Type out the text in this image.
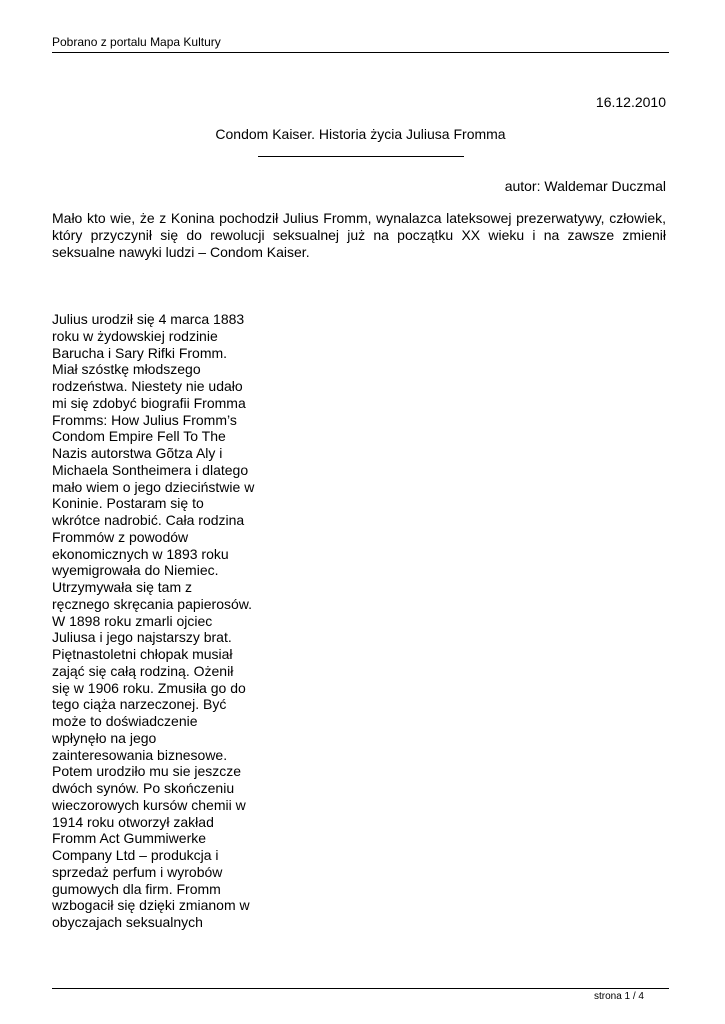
Pobrano z portalu Mapa Kultury
16.12.2010
Condom Kaiser. Historia życia Juliusa Fromma
autor: Waldemar Duczmal

Mało kto wie, że z Konina pochodził Julius Fromm, wynalazca lateksowej prezerwatywy, człowiek, który przyczynił się do rewolucji seksualnej już na początku XX wieku i na zawsze zmienił seksualne nawyki ludzi – Condom Kaiser.

Julius urodził się 4 marca 1883
roku w żydowskiej rodzinie
Barucha i Sary Rifki Fromm.
Miał szóstkę młodszego
rodzeństwa. Niestety nie udało
mi się zdobyć biografii Fromma
Fromms: How Julius Fromm’s
Condom Empire Fell To The
Nazis autorstwa Gõtza Aly i
Michaela Sontheimera i dlatego
mało wiem o jego dzieciństwie w
Koninie. Postaram się to
wkrótce nadrobić. Cała rodzina
Frommów z powodów
ekonomicznych w 1893 roku
wyemigrowała do Niemiec.
Utrzymywała się tam z
ręcznego skręcania papierosów.
W 1898 roku zmarli ojciec
Juliusa i jego najstarszy brat.
Piętnastoletni chłopak musiał
zająć się całą rodziną. Ożenił
się w 1906 roku. Zmusiła go do
tego ciąża narzeczonej. Być
może to doświadczenie
wpłynęło na jego
zainteresowania biznesowe.
Potem urodziło mu sie jeszcze
dwóch synów. Po skończeniu
wieczorowych kursów chemii w
1914 roku otworzył zakład
Fromm Act Gummiwerke
Company Ltd – produkcja i
sprzedaż perfum i wyrobów
gumowych dla firm. Fromm
wzbogacił się dzięki zmianom w
obyczajach seksualnych
strona 1 / 4
